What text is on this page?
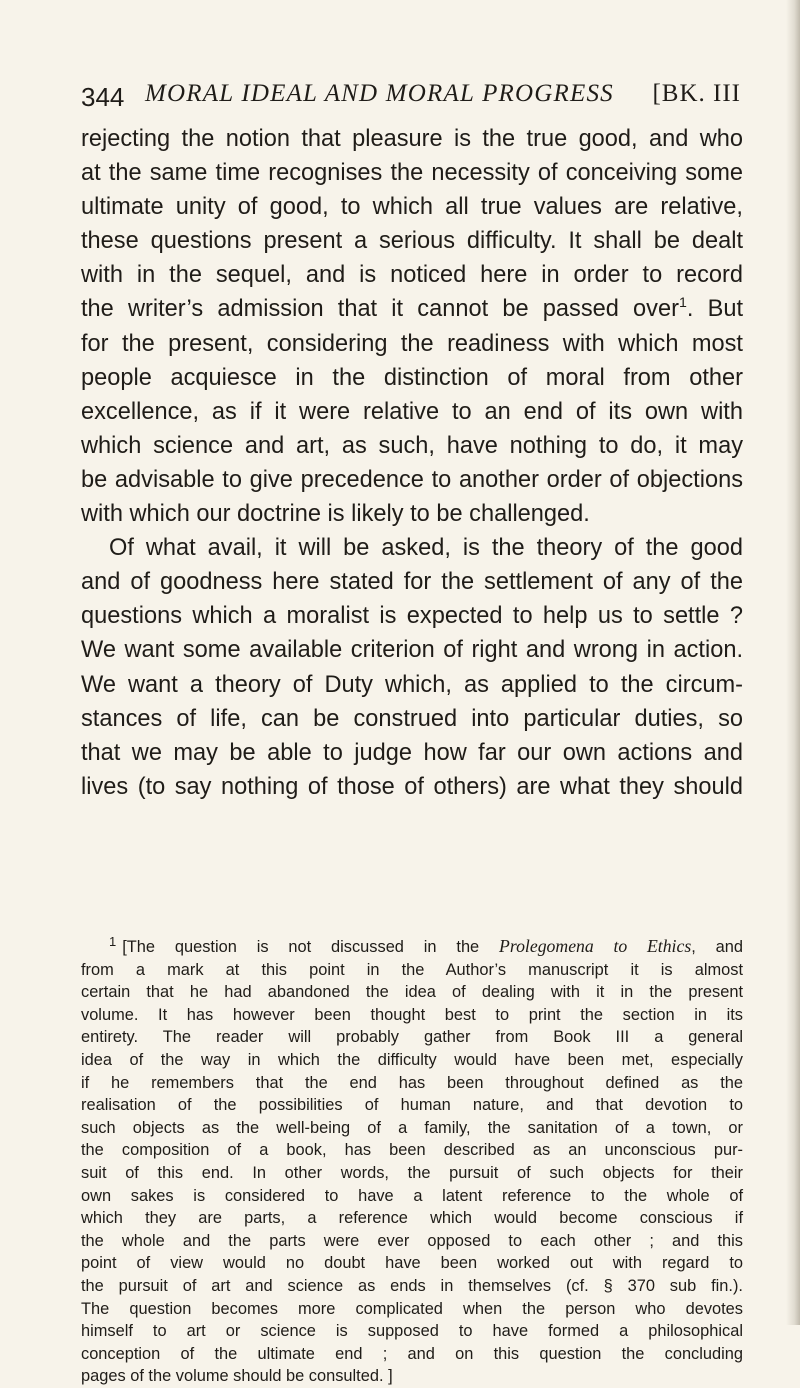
344 MORAL IDEAL AND MORAL PROGRESS [BK. III
rejecting the notion that pleasure is the true good, and who
at the same time recognises the necessity of conceiving some
ultimate unity of good, to which all true values are relative,
these questions present a serious difficulty. It shall be dealt
with in the sequel, and is noticed here in order to record
the writer’s admission that it cannot be passed over$^1$. But
for the present, considering the readiness with which most
people acquiesce in the distinction of moral from other
excellence, as if it were relative to an end of its own with
which science and art, as such, have nothing to do, it may
be advisable to give precedence to another order of objections
with which our doctrine is likely to be challenged.
Of what avail, it will be asked, is the theory of the good
and of goodness here stated for the settlement of any of the
questions which a moralist is expected to help us to settle ?
We want some available criterion of right and wrong in action.
We want a theory of Duty which, as applied to the circum-
stances of life, can be construed into particular duties, so
that we may be able to judge how far our own actions and
lives (to say nothing of those of others) are what they should
$^1$ [The question is not discussed in the Prolegomena to Ethics, and
from a mark at this point in the Author’s manuscript it is almost
certain that he had abandoned the idea of dealing with it in the present
volume. It has however been thought best to print the section in its
entirety. The reader will probably gather from Book III a general
idea of the way in which the difficulty would have been met, especially
if he remembers that the end has been throughout defined as the
realisation of the possibilities of human nature, and that devotion to
such objects as the well-being of a family, the sanitation of a town, or
the composition of a book, has been described as an unconscious pur-
suit of this end. In other words, the pursuit of such objects for their
own sakes is considered to have a latent reference to the whole of
which they are parts, a reference which would become conscious if
the whole and the parts were ever opposed to each other ; and this
point of view would no doubt have been worked out with regard to
the pursuit of art and science as ends in themselves (cf. § 370 sub fin.).
The question becomes more complicated when the person who devotes
himself to art or science is supposed to have formed a philosophical
conception of the ultimate end ; and on this question the concluding
pages of the volume should be consulted. ]
